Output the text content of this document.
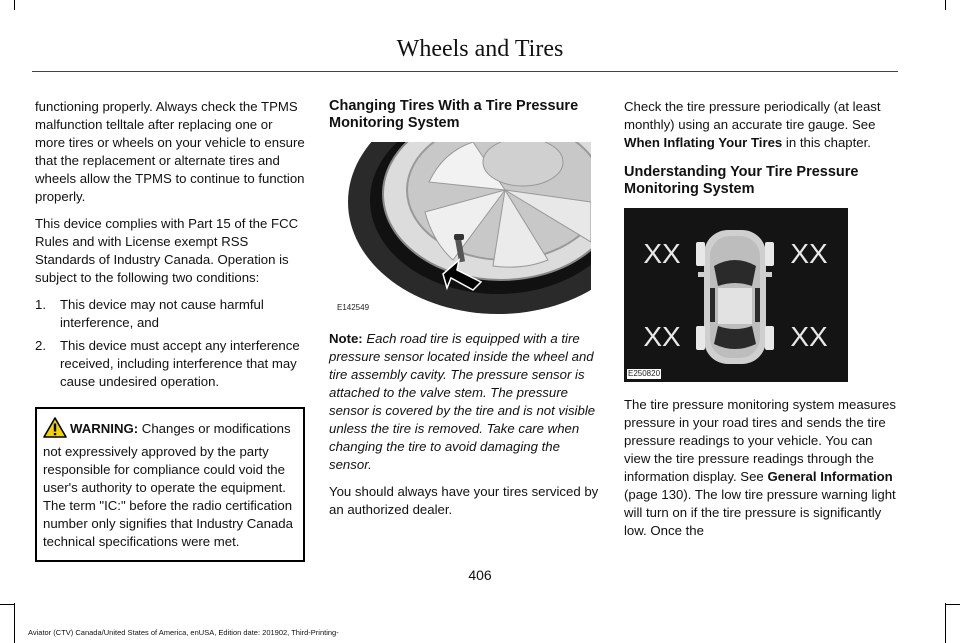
Wheels and Tires

functioning properly. Always check the TPMS malfunction telltale after replacing one or more tires or wheels on your vehicle to ensure that the replacement or alternate tires and wheels allow the TPMS to continue to function properly.

This device complies with Part 15 of the FCC Rules and with License exempt RSS Standards of Industry Canada. Operation is subject to the following two conditions:

1. This device may not cause harmful interference, and
2. This device must accept any interference received, including interference that may cause undesired operation.
WARNING: Changes or modifications not expressively approved by the party responsible for compliance could void the user's authority to operate the equipment. The term "IC:" before the radio certification number only signifies that Industry Canada technical specifications were met.
Changing Tires With a Tire Pressure Monitoring System
E142549

Note: Each road tire is equipped with a tire pressure sensor located inside the wheel and tire assembly cavity. The pressure sensor is attached to the valve stem. The pressure sensor is covered by the tire and is not visible unless the tire is removed. Take care when changing the tire to avoid damaging the sensor.

You should always have your tires serviced by an authorized dealer.

Check the tire pressure periodically (at least monthly) using an accurate tire gauge. See When Inflating Your Tires in this chapter.

Understanding Your Tire Pressure Monitoring System
XX	XX
XX	XX
E250820

The tire pressure monitoring system measures pressure in your road tires and sends the tire pressure readings to your vehicle. You can view the tire pressure readings through the information display. See General Information (page 130). The low tire pressure warning light will turn on if the tire pressure is significantly low. Once the

406
Aviator (CTV) Canada/United States of America, enUSA, Edition date: 201902, Third-Printing-
